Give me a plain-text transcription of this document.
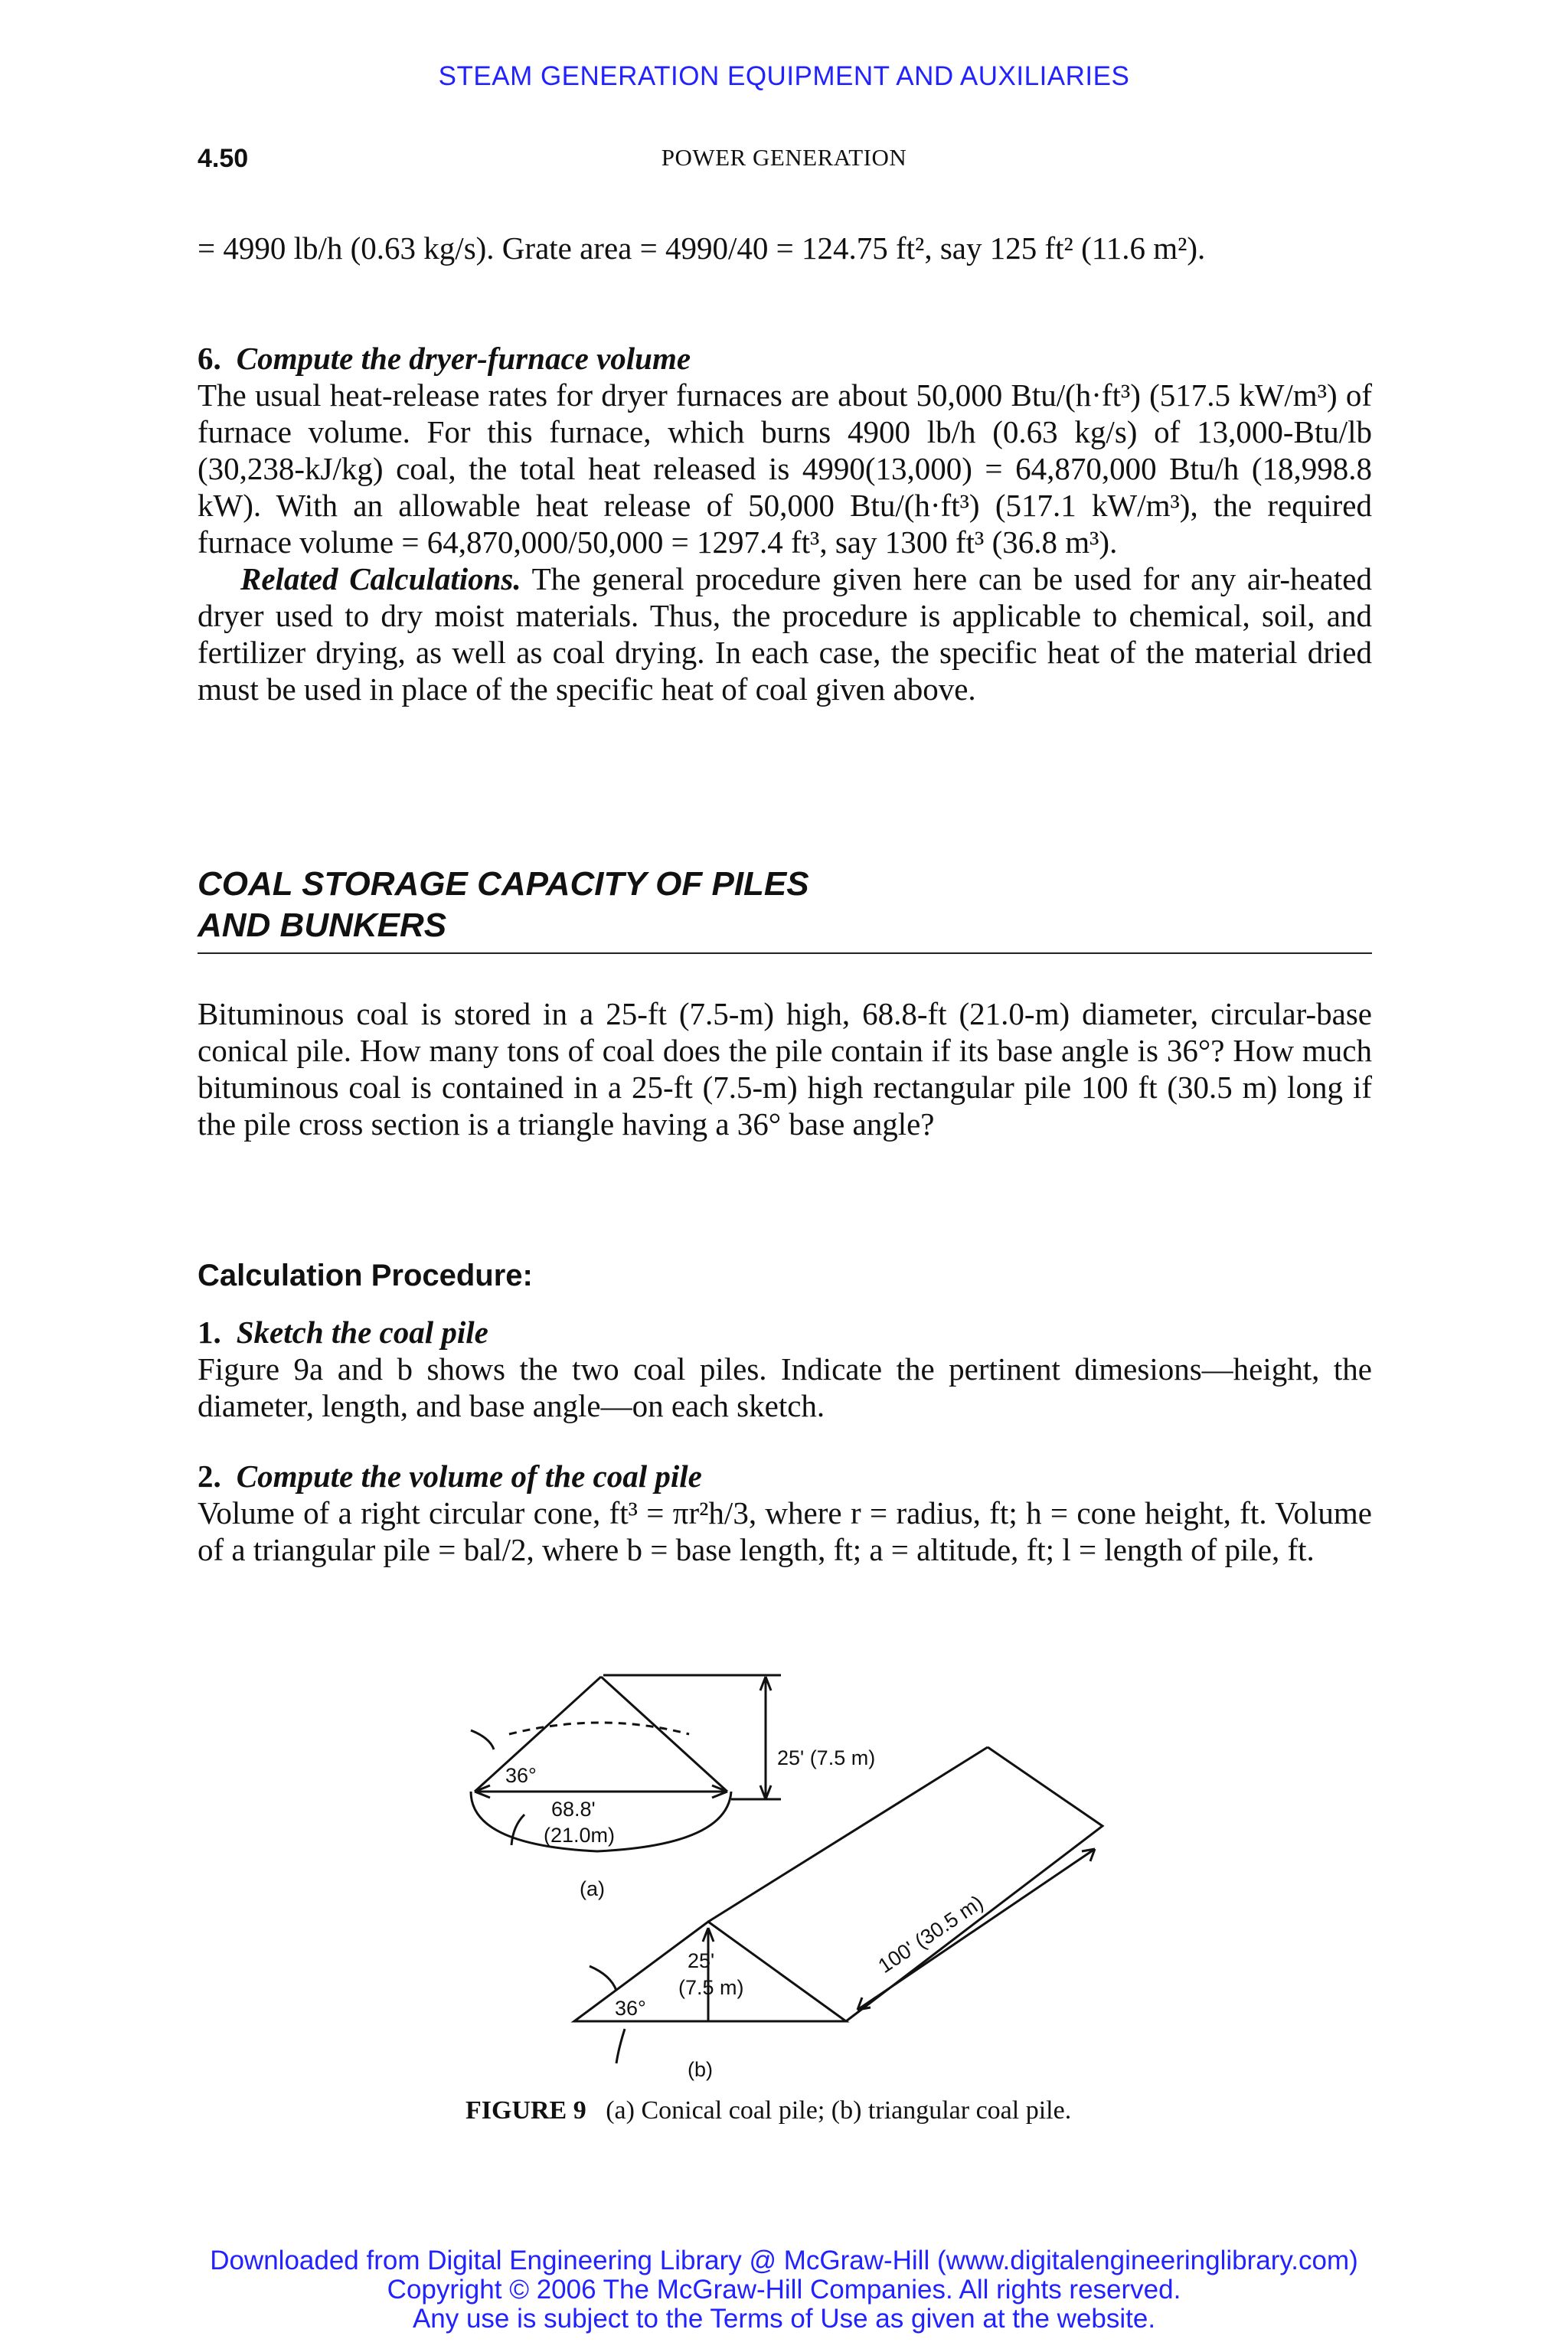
STEAM GENERATION EQUIPMENT AND AUXILIARIES
4.50	POWER GENERATION

= 4990 lb/h (0.63 kg/s). Grate area = 4990/40 = 124.75 ft², say 125 ft² (11.6 m²).

6. Compute the dryer-furnace volume

The usual heat-release rates for dryer furnaces are about 50,000 Btu/(h·ft³) (517.5 kW/m³) of furnace volume. For this furnace, which burns 4900 lb/h (0.63 kg/s) of 13,000-Btu/lb (30,238-kJ/kg) coal, the total heat released is 4990(13,000) = 64,870,000 Btu/h (18,998.8 kW). With an allowable heat release of 50,000 Btu/(h·ft³) (517.1 kW/m³), the required furnace volume = 64,870,000/50,000 = 1297.4 ft³, say 1300 ft³ (36.8 m³).

Related Calculations. The general procedure given here can be used for any air-heated dryer used to dry moist materials. Thus, the procedure is applicable to chemical, soil, and fertilizer drying, as well as coal drying. In each case, the specific heat of the material dried must be used in place of the specific heat of coal given above.

COAL STORAGE CAPACITY OF PILES
AND BUNKERS

Bituminous coal is stored in a 25-ft (7.5-m) high, 68.8-ft (21.0-m) diameter, circular-base conical pile. How many tons of coal does the pile contain if its base angle is 36°? How much bituminous coal is contained in a 25-ft (7.5-m) high rectangular pile 100 ft (30.5 m) long if the pile cross section is a triangle having a 36° base angle?

Calculation Procedure:

1. Sketch the coal pile

Figure 9a and b shows the two coal piles. Indicate the pertinent dimesions—height, the diameter, length, and base angle—on each sketch.

2. Compute the volume of the coal pile

Volume of a right circular cone, ft³ = πr²h/3, where r = radius, ft; h = cone height, ft. Volume of a triangular pile = bal/2, where b = base length, ft; a = altitude, ft; l = length of pile, ft.

25' (7.5 m)
36°
68.8'
(21.0m)
(a)
25'
(7.5 m)
36°
100' (30.5 m)
(b)
FIGURE 9 (a) Conical coal pile; (b) triangular coal pile.
Downloaded from Digital Engineering Library @ McGraw-Hill (www.digitalengineeringlibrary.com)
Copyright © 2006 The McGraw-Hill Companies. All rights reserved.
Any use is subject to the Terms of Use as given at the website.
